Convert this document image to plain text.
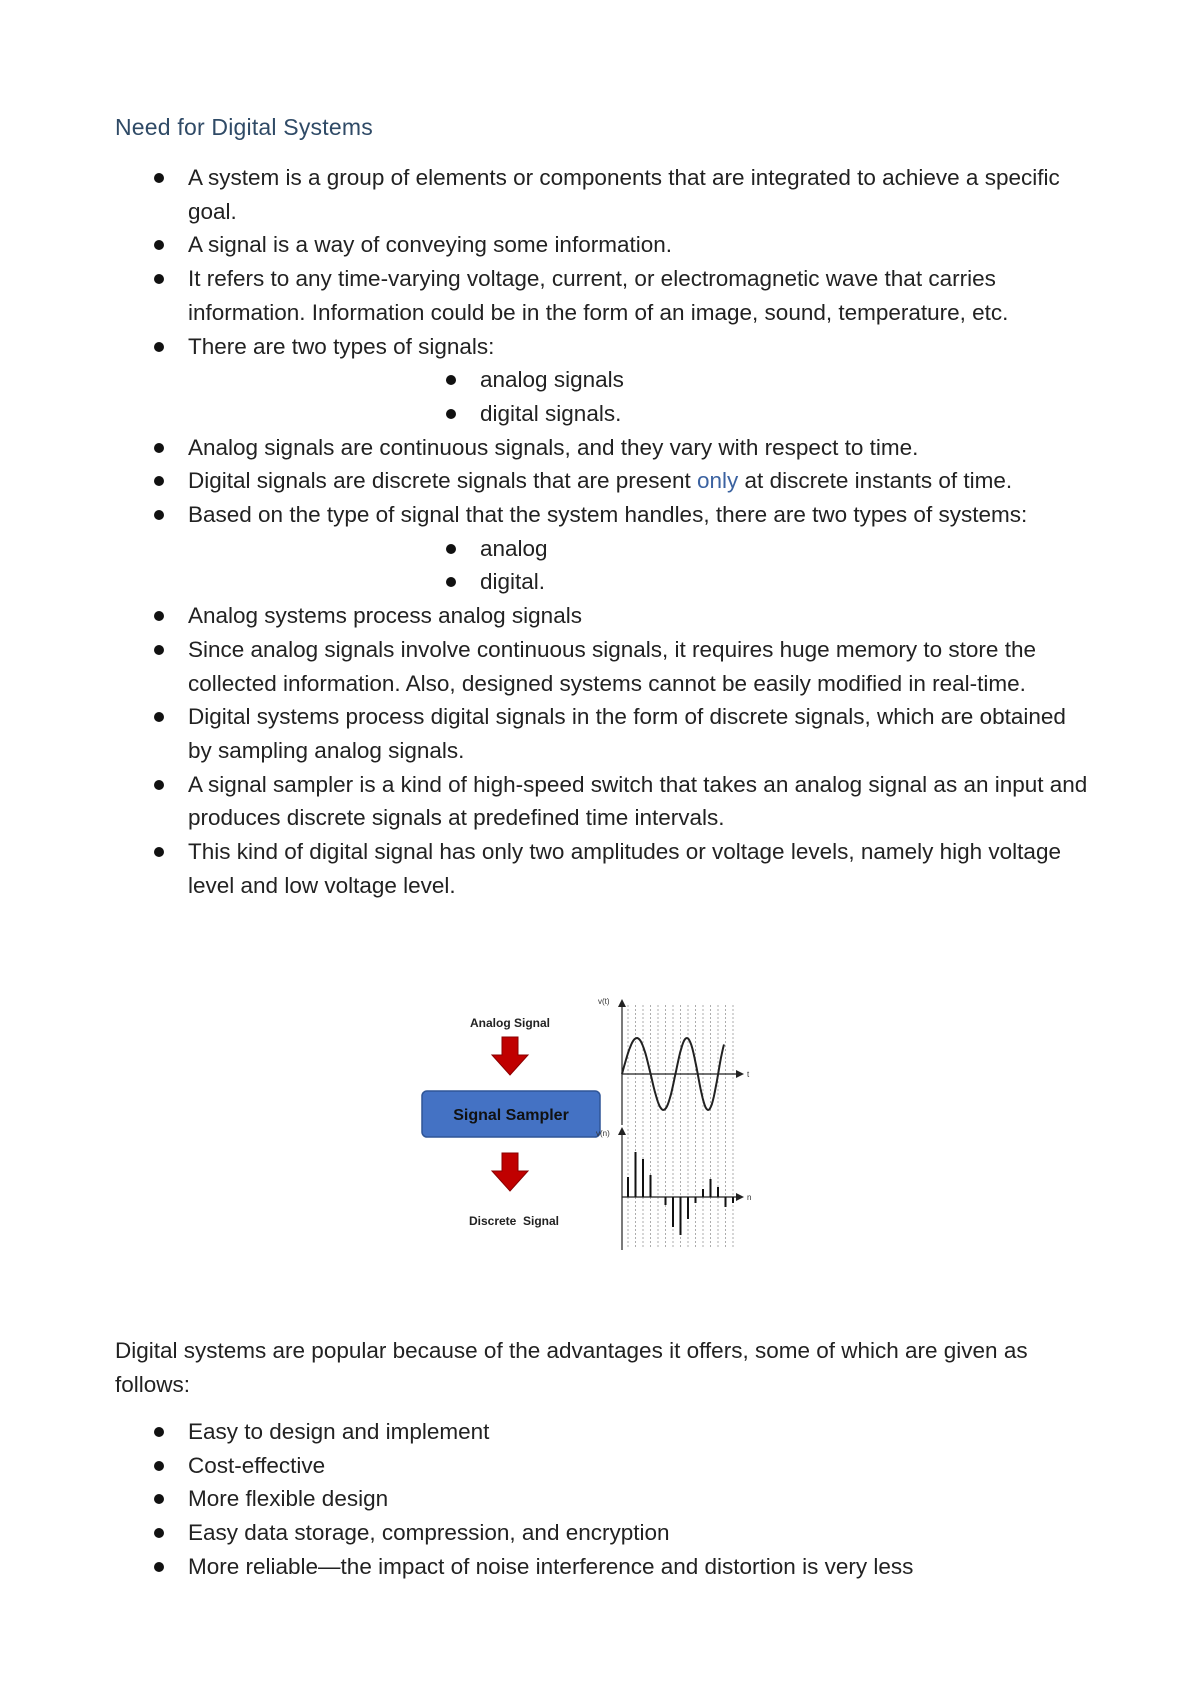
Need for Digital Systems
A system is a group of elements or components that are integrated to achieve a specific goal.
A signal is a way of conveying some information.
It refers to any time-varying voltage, current, or electromagnetic wave that carries information. Information could be in the form of an image, sound, temperature, etc.
There are two types of signals:
analog signals
digital signals.
Analog signals are continuous signals, and they vary with respect to time.
Digital signals are discrete signals that are present only at discrete instants of time.
Based on the type of signal that the system handles, there are two types of systems:
analog
digital.
Analog systems process analog signals
Since analog signals involve continuous signals, it requires huge memory to store the collected information. Also, designed systems cannot be easily modified in real-time.
Digital systems process digital signals in the form of discrete signals, which are obtained by sampling analog signals.
A signal sampler is a kind of high-speed switch that takes an analog signal as an input and produces discrete signals at predefined time intervals.
This kind of digital signal has only two amplitudes or voltage levels, namely high voltage level and low voltage level.
Analog Signal
Signal Sampler
Discrete  Signal
v(t)
t
v(n)
n

Digital systems are popular because of the advantages it offers, some of which are given as follows:

Easy to design and implement
Cost-effective
More flexible design
Easy data storage, compression, and encryption
More reliable—the impact of noise interference and distortion is very less
